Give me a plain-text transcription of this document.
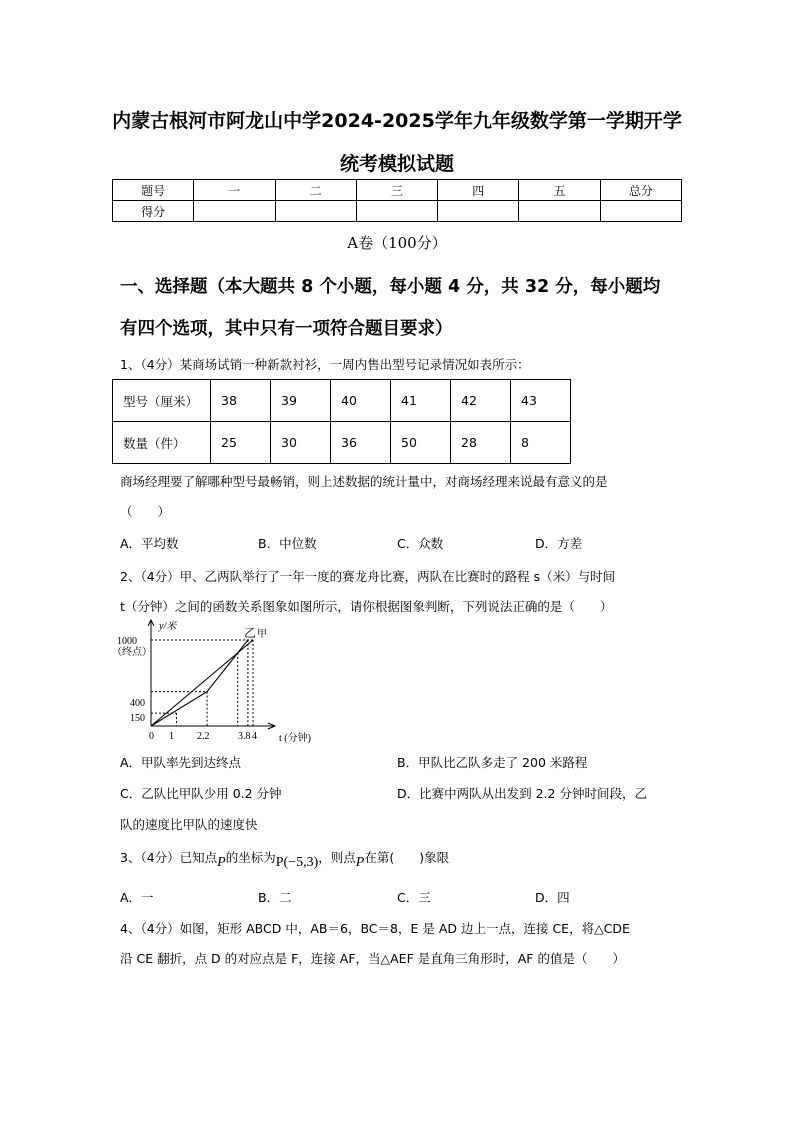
内蒙古根河市阿龙山中学2024-2025学年九年级数学第一学期开学
统考模拟试题
题号	一	二	三	四	五	总分
得分						
A卷（100分）
一、选择题（本大题共 8 个小题，每小题 4 分，共 32 分，每小题均
有四个选项，其中只有一项符合题目要求）
1、（4分）某商场试销一种新款衬衫，一周内售出型号记录情况如表所示：
型号（厘米）	38	39	40	41	42	43
数量（件）	25	30	36	50	28	8
商场经理要了解哪种型号最畅销，则上述数据的统计量中，对商场经理来说最有意义的是
（　　）
A．平均数	B．中位数	C．众数	D．方差
2、（4分）甲、乙两队举行了一年一度的赛龙舟比赛，两队在比赛时的路程 s（米）与时间
t（分钟）之间的函数关系图象如图所示，请你根据图象判断，下列说法正确的是（　　）
y/米
1000
（终点）
400
150
0 1 2.2	3.8 4 t (分钟)
乙 甲
A．甲队率先到达终点	B．甲队比乙队多走了 200 米路程
C．乙队比甲队少用 0.2 分钟	D．比赛中两队从出发到 2.2 分钟时间段，乙
队的速度比甲队的速度快
3、（4分）已知点P的坐标为P(−5,3)，则点P在第(　　)象限
A．一	B．二	C．三	D．四
4、（4分）如图，矩形 ABCD 中，AB＝6，BC＝8，E 是 AD 边上一点，连接 CE，将△CDE
沿 CE 翻折，点 D 的对应点是 F，连接 AF，当△AEF 是直角三角形时，AF 的值是（　　）
